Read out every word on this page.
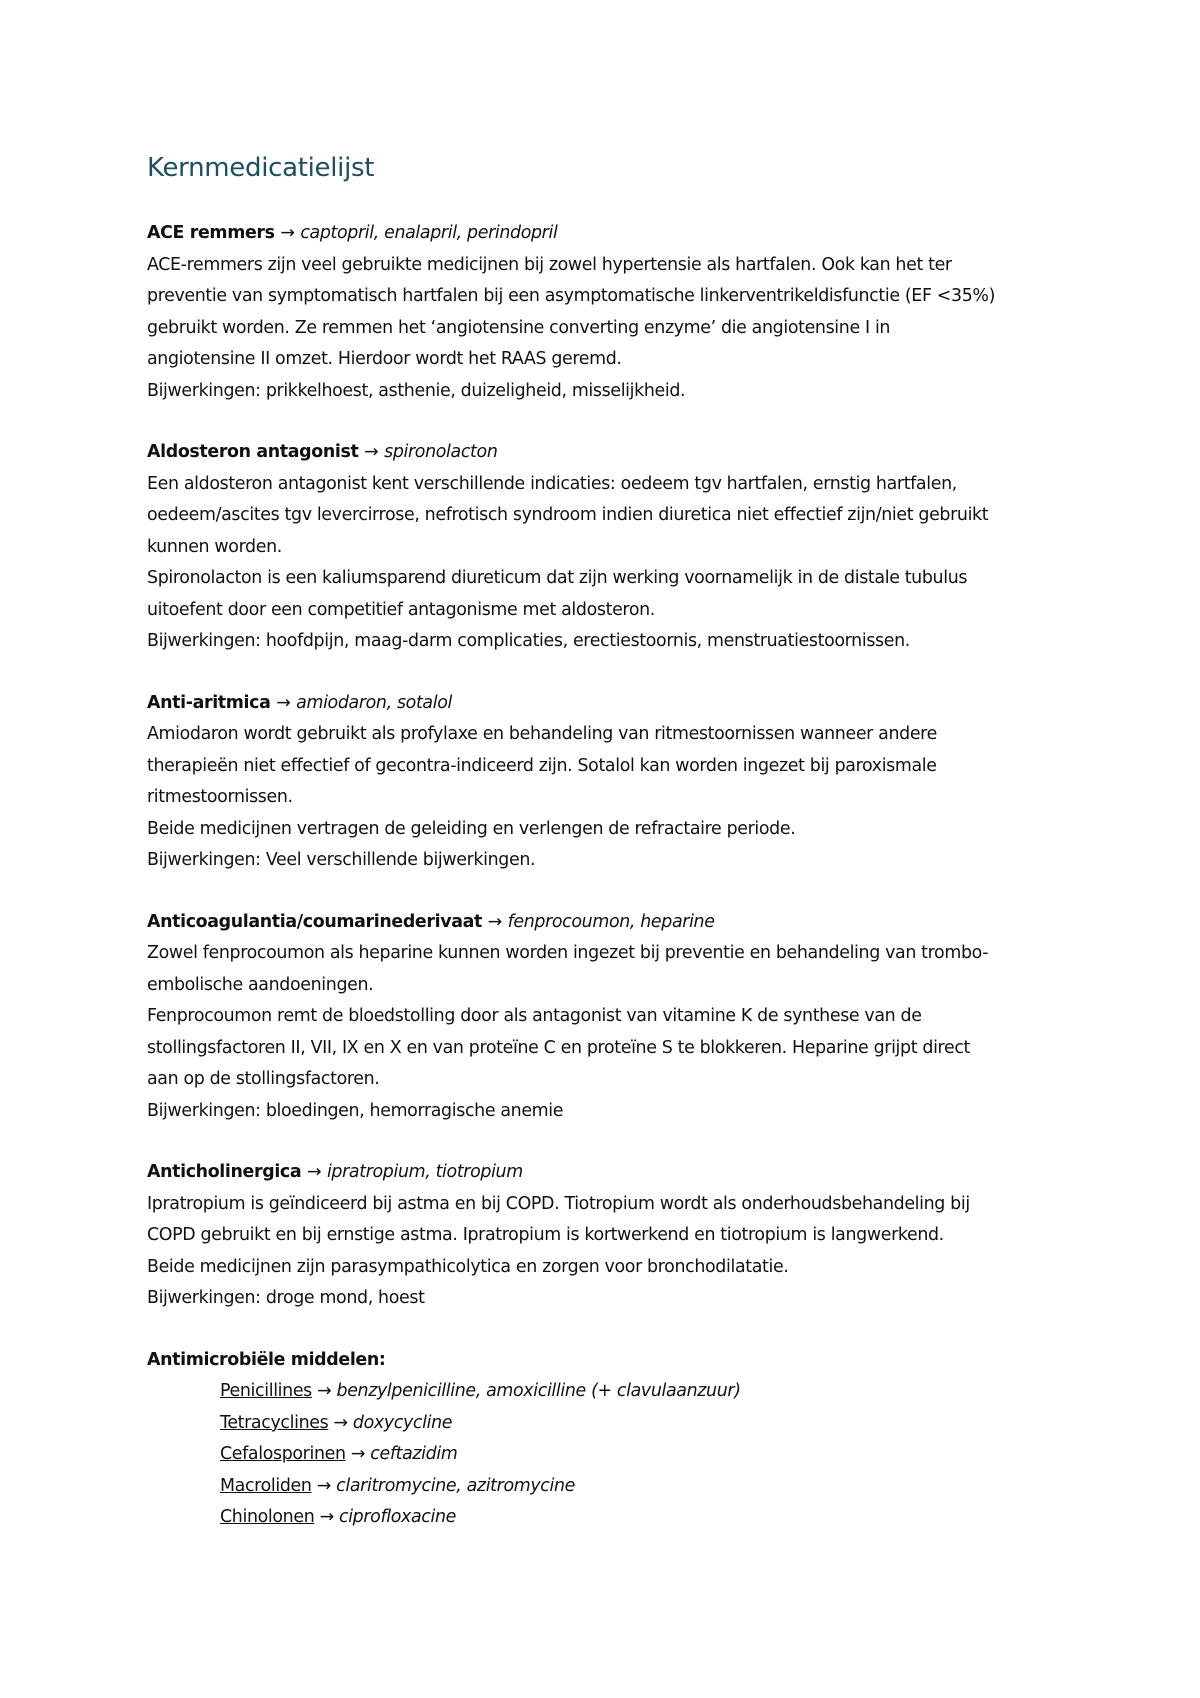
Kernmedicatielijst
ACE remmers → captopril, enalapril, perindopril
ACE-remmers zijn veel gebruikte medicijnen bij zowel hypertensie als hartfalen. Ook kan het ter
preventie van symptomatisch hartfalen bij een asymptomatische linkerventrikeldisfunctie (EF <35%)
gebruikt worden. Ze remmen het ‘angiotensine converting enzyme’ die angiotensine I in
angiotensine II omzet. Hierdoor wordt het RAAS geremd.
Bijwerkingen: prikkelhoest, asthenie, duizeligheid, misselijkheid.
Aldosteron antagonist → spironolacton
Een aldosteron antagonist kent verschillende indicaties: oedeem tgv hartfalen, ernstig hartfalen,
oedeem/ascites tgv levercirrose, nefrotisch syndroom indien diuretica niet effectief zijn/niet gebruikt
kunnen worden.
Spironolacton is een kaliumsparend diureticum dat zijn werking voornamelijk in de distale tubulus
uitoefent door een competitief antagonisme met aldosteron.
Bijwerkingen: hoofdpijn, maag-darm complicaties, erectiestoornis, menstruatiestoornissen.
Anti-aritmica → amiodaron, sotalol
Amiodaron wordt gebruikt als profylaxe en behandeling van ritmestoornissen wanneer andere
therapieën niet effectief of gecontra-indiceerd zijn. Sotalol kan worden ingezet bij paroxismale
ritmestoornissen.
Beide medicijnen vertragen de geleiding en verlengen de refractaire periode.
Bijwerkingen: Veel verschillende bijwerkingen.
Anticoagulantia/coumarinederivaat → fenprocoumon, heparine
Zowel fenprocoumon als heparine kunnen worden ingezet bij preventie en behandeling van trombo-
embolische aandoeningen.
Fenprocoumon remt de bloedstolling door als antagonist van vitamine K de synthese van de
stollingsfactoren II, VII, IX en X en van proteïne C en proteïne S te blokkeren. Heparine grijpt direct
aan op de stollingsfactoren.
Bijwerkingen: bloedingen, hemorragische anemie
Anticholinergica → ipratropium, tiotropium
Ipratropium is geïndiceerd bij astma en bij COPD. Tiotropium wordt als onderhoudsbehandeling bij
COPD gebruikt en bij ernstige astma. Ipratropium is kortwerkend en tiotropium is langwerkend.
Beide medicijnen zijn parasympathicolytica en zorgen voor bronchodilatatie.
Bijwerkingen: droge mond, hoest
Antimicrobiële middelen:
Penicillines → benzylpenicilline, amoxicilline (+ clavulaanzuur)
Tetracyclines → doxycycline
Cefalosporinen → ceftazidim
Macroliden → claritromycine, azitromycine
Chinolonen → ciprofloxacine
